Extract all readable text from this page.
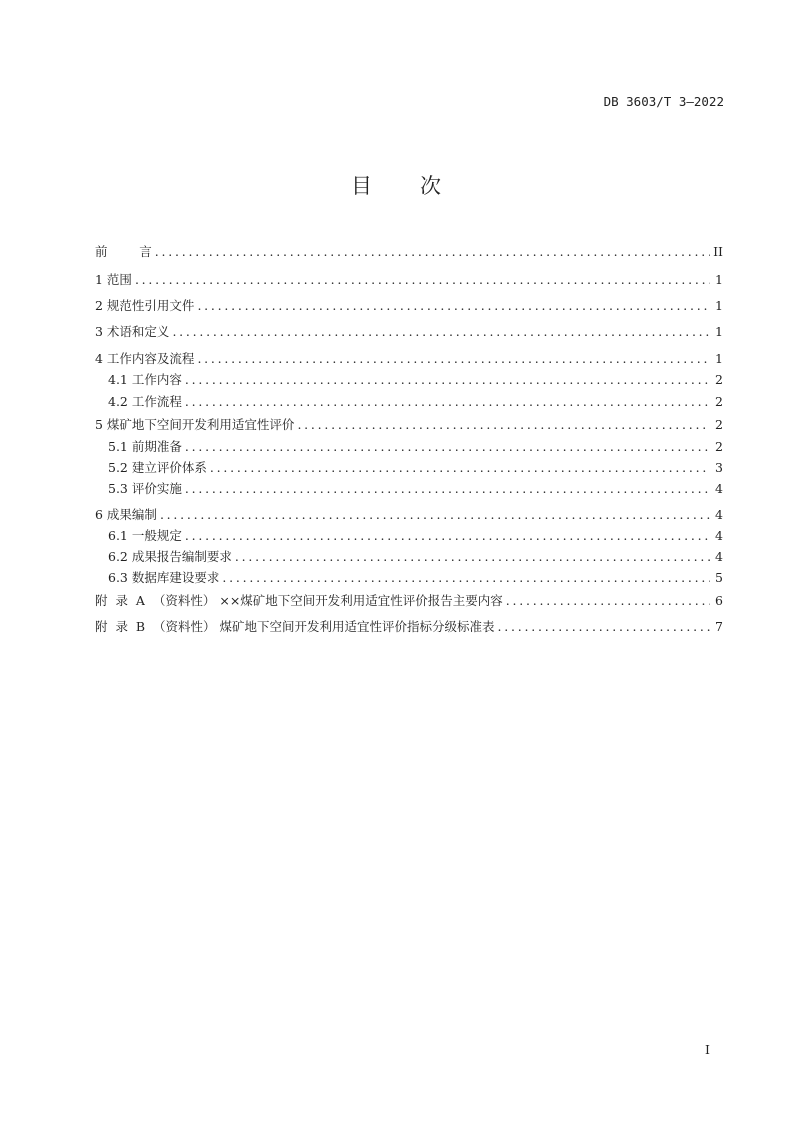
DB 3603/T 3—2022
目次
前        言 . . .	II
1 范围 . . .	1
2 规范性引用文件 . . .	1
3 术语和定义 . . .	1
4 工作内容及流程 . . .	1
4.1 工作内容 . . .	2
4.2 工作流程 . . .	2
5 煤矿地下空间开发利用适宜性评价 . . .	2
5.1 前期准备 . . .	2
5.2 建立评价体系 . . .	3
5.3 评价实施 . . .	4
6 成果编制 . . .	4
6.1 一般规定 . . .	4
6.2 成果报告编制要求 . . .	4
6.3 数据库建设要求 . . .	5
附  录  A  （资料性） ××煤矿地下空间开发利用适宜性评价报告主要内容 . . .	6
附  录  B  （资料性） 煤矿地下空间开发利用适宜性评价指标分级标准表 . . .	7
I
